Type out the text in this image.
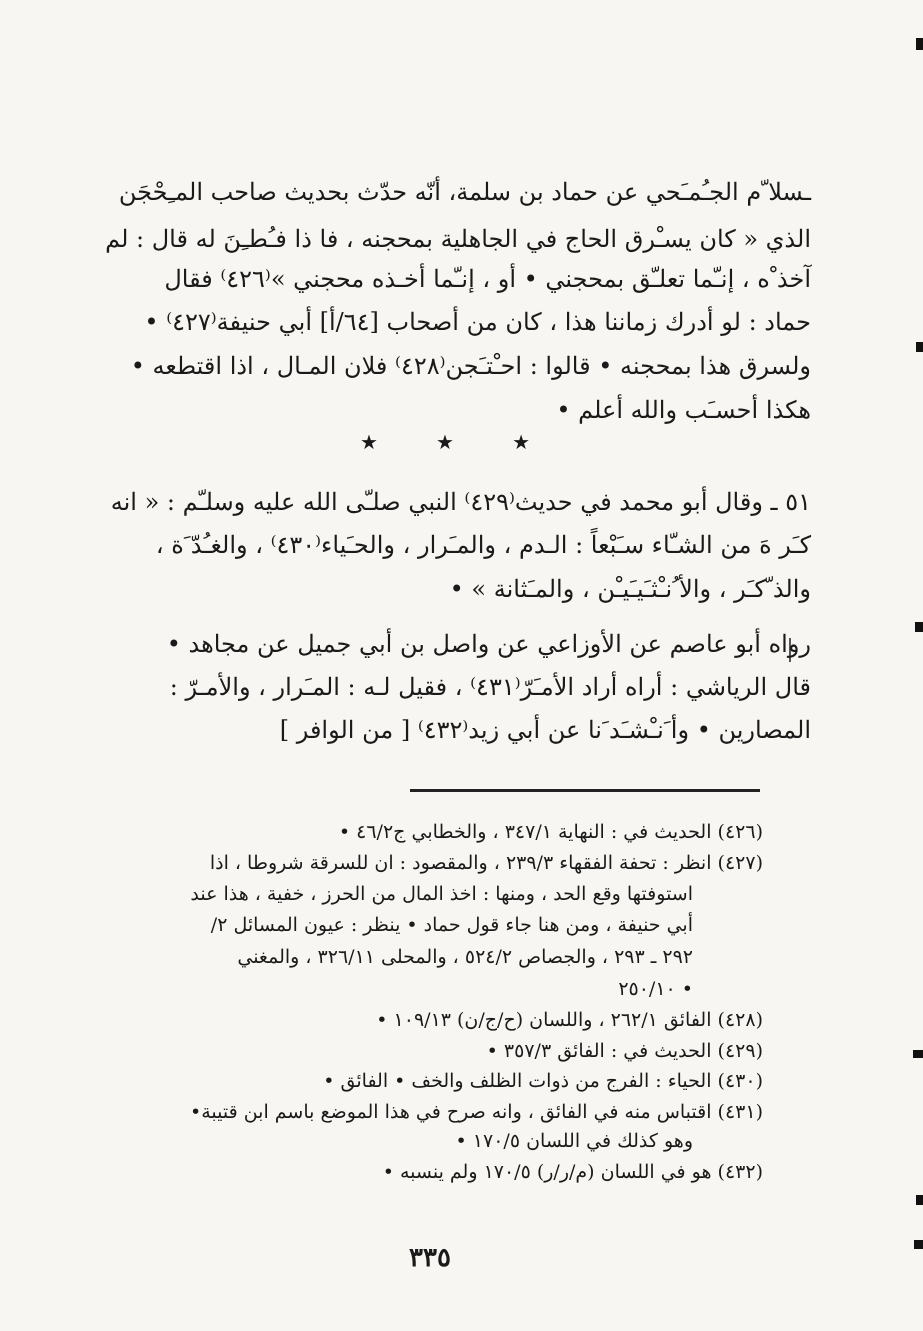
ـسلا ّم الجـُمـَحي عن حماد بن سلمة، أنّه حدّث بحديث صاحب المـِحْجَن
الذي « كان يسـْرق الحاج في الجاهلية بمحجنه ، فا ذا فـُطـِنَ له قال : لم
آخذ ْه ، إنـّما تعلـّق بمحجني • أو ، إنـّما أخـذه محجني »⁽٤٢٦⁾ فقال
حماد : لو أدرك زماننا هذا ، كان من أصحاب [٦٤/أ] أبي حنيفة⁽٤٢٧⁾ •
ولسرق هذا بمحجنه • قالوا : احـْتـَجن⁽٤٢٨⁾ فلان المـال ، اذا اقتطعه •
هكذا أحسـَب والله أعلم •
★	★	★
٥١ ـ وقال أبو محمد في حديث⁽٤٢٩⁾ النبي صلـّى الله عليه وسلـّم : « انه
كـَر هَ من الشـّاء سـَبْعاً : الـدم ، والمـَرار ، والحـَياء⁽٤٣٠⁾ ، والغـُدّ َة ،
والذ ّكـَر ، والأ ُنـْثـَيـَيـْن ، والمـَثانة » •
رواه أبو عاصم عن الأوزاعي عن واصل بن أبي جميل عن مجاهد •
قال الرياشي : أراه أراد الأمـَرّ⁽٤٣١⁾ ، فقيل لـه : المـَرار ، والأمـرّ :
المصارين • وأ َنـْشـَد َنا عن أبي زيد⁽٤٣٢⁾ [ من الوافر ]
(٤٢٦) الحديث في : النهاية ٣٤٧/١ ، والخطابي ج٤٦/٢ •
(٤٢٧) انظر : تحفة الفقهاء ٢٣٩/٣ ، والمقصود : ان للسرقة شروطا ، اذا
استوفتها وقع الحد ، ومنها : اخذ المال من الحرز ، خفية ، هذا عند
أبي حنيفة ، ومن هنا جاء قول حماد • ينظر : عيون المسائل ٢/
٢٩٢ ـ ٢٩٣ ، والجصاص ٥٢٤/٢ ، والمحلى ٣٢٦/١١ ، والمغني
٢٥٠/١٠ •
(٤٢٨) الفائق ٢٦٢/١ ، واللسان (ح/ج/ن) ١٠٩/١٣ •
(٤٢٩) الحديث في : الفائق ٣٥٧/٣ •
(٤٣٠) الحياء : الفرج من ذوات الظلف والخف • الفائق •
(٤٣١) اقتباس منه في الفائق ، وانه صرح في هذا الموضع باسم ابن قتيبة•
وهو كذلك في اللسان ١٧٠/٥ •
(٤٣٢) هو في اللسان (م/ر/ر) ١٧٠/٥ ولم ينسبه •
٣٣٥
